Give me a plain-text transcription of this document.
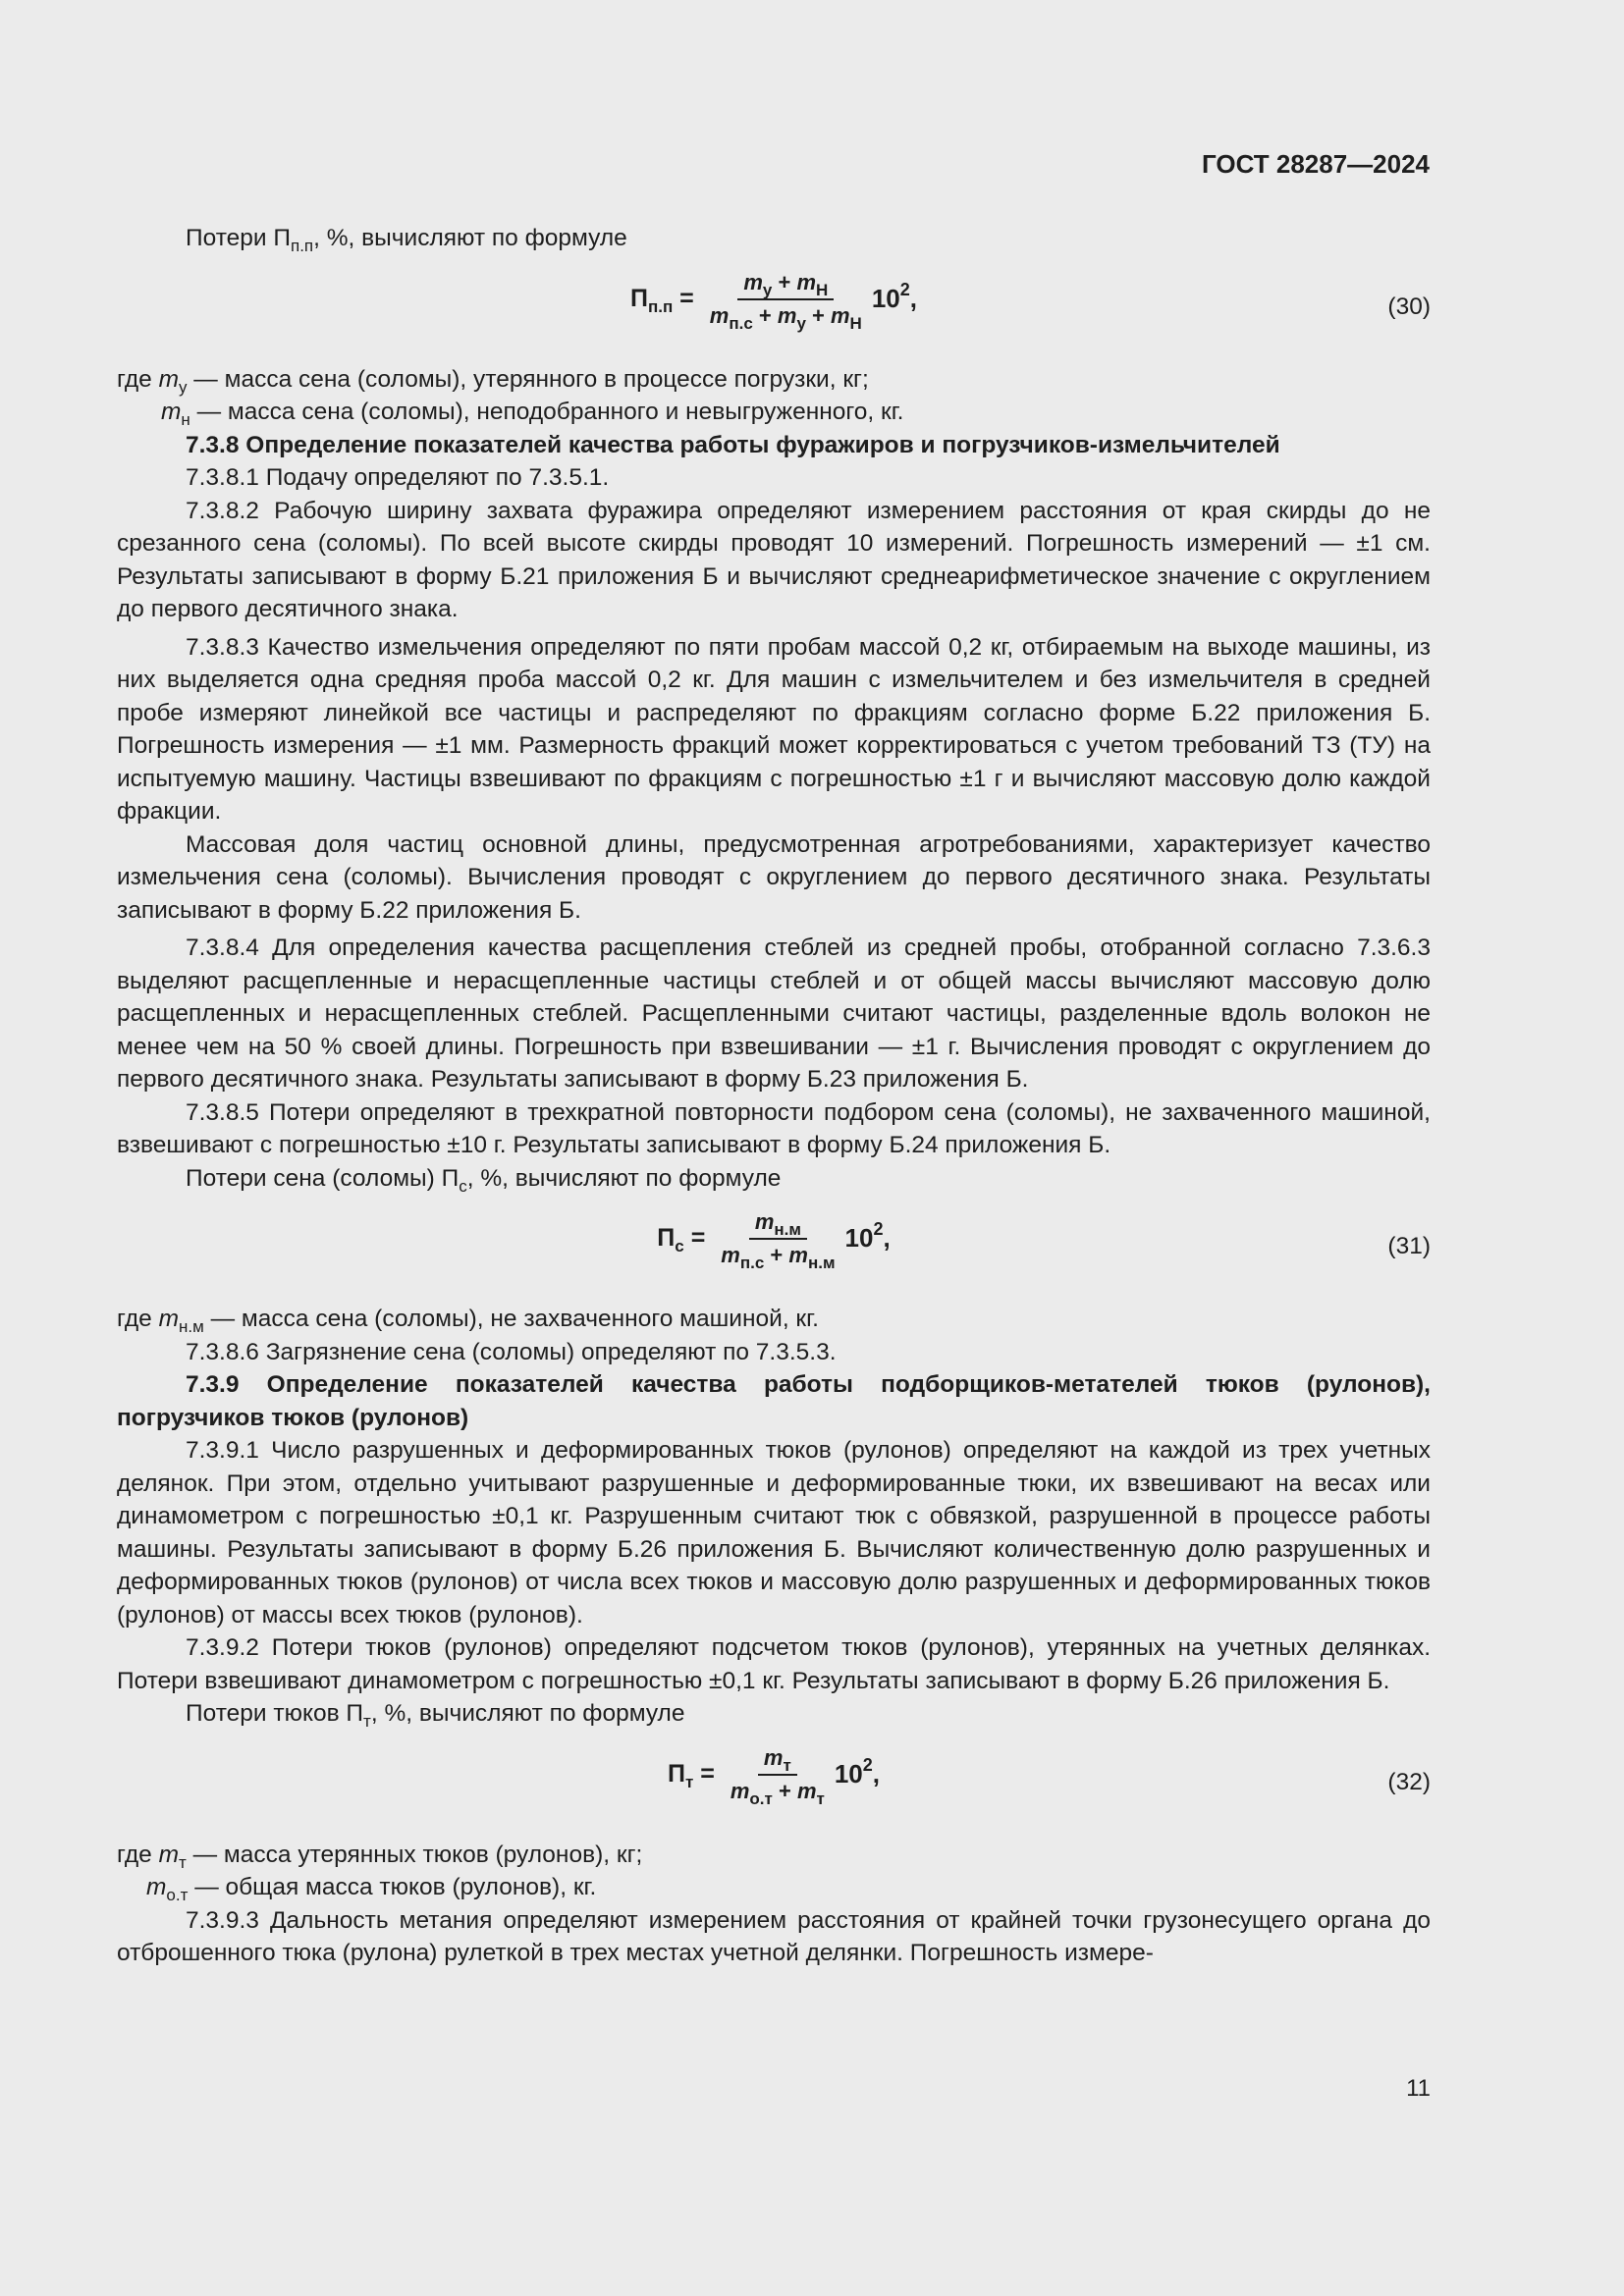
ГОСТ 28287—2024

Потери $П_{п.п}$, %, вычисляют по формуле

$П_{п.п} = \frac{m_у + m_Н}{m_{п.с} + m_у + m_Н} 10^2$,	(30)

где $m_у$ — масса сена (соломы), утерянного в процессе погрузки, кг;

$m_н$ — масса сена (соломы), неподобранного и невыгруженного, кг.

7.3.8 Определение показателей качества работы фуражиров и погрузчиков-измельчителей

7.3.8.1 Подачу определяют по 7.3.5.1.

7.3.8.2 Рабочую ширину захвата фуражира определяют измерением расстояния от края скирды до не срезанного сена (соломы). По всей высоте скирды проводят 10 измерений. Погрешность измерений — ±1 см. Результаты записывают в форму Б.21 приложения Б и вычисляют среднеарифметическое значение с округлением до первого десятичного знака.

7.3.8.3 Качество измельчения определяют по пяти пробам массой 0,2 кг, отбираемым на выходе машины, из них выделяется одна средняя проба массой 0,2 кг. Для машин с измельчителем и без измельчителя в средней пробе измеряют линейкой все частицы и распределяют по фракциям согласно форме Б.22 приложения Б. Погрешность измерения — ±1 мм. Размерность фракций может корректироваться с учетом требований ТЗ (ТУ) на испытуемую машину. Частицы взвешивают по фракциям с погрешностью ±1 г и вычисляют массовую долю каждой фракции.

Массовая доля частиц основной длины, предусмотренная агротребованиями, характеризует качество измельчения сена (соломы). Вычисления проводят с округлением до первого десятичного знака. Результаты записывают в форму Б.22 приложения Б.

7.3.8.4 Для определения качества расщепления стеблей из средней пробы, отобранной согласно 7.3.6.3 выделяют расщепленные и нерасщепленные частицы стеблей и от общей массы вычисляют массовую долю расщепленных и нерасщепленных стеблей. Расщепленными считают частицы, разделенные вдоль волокон не менее чем на 50 % своей длины. Погрешность при взвешивании — ±1 г. Вычисления проводят с округлением до первого десятичного знака. Результаты записывают в форму Б.23 приложения Б.

7.3.8.5 Потери определяют в трехкратной повторности подбором сена (соломы), не захваченного машиной, взвешивают с погрешностью ±10 г. Результаты записывают в форму Б.24 приложения Б.

Потери сена (соломы) $П_с$, %, вычисляют по формуле

$П_с = \frac{m_{н.м}}{m_{п.с} + m_{н.м}} 10^2$,	(31)

где $m_{н.м}$ — масса сена (соломы), не захваченного машиной, кг.

7.3.8.6 Загрязнение сена (соломы) определяют по 7.3.5.3.

7.3.9 Определение показателей качества работы подборщиков-метателей тюков (рулонов), погрузчиков тюков (рулонов)

7.3.9.1 Число разрушенных и деформированных тюков (рулонов) определяют на каждой из трех учетных делянок. При этом, отдельно учитывают разрушенные и деформированные тюки, их взвешивают на весах или динамометром с погрешностью ±0,1 кг. Разрушенным считают тюк с обвязкой, разрушенной в процессе работы машины. Результаты записывают в форму Б.26 приложения Б. Вычисляют количественную долю разрушенных и деформированных тюков (рулонов) от числа всех тюков и массовую долю разрушенных и деформированных тюков (рулонов) от массы всех тюков (рулонов).

7.3.9.2 Потери тюков (рулонов) определяют подсчетом тюков (рулонов), утерянных на учетных делянках. Потери взвешивают динамометром с погрешностью ±0,1 кг. Результаты записывают в форму Б.26 приложения Б.

Потери тюков $П_т$, %, вычисляют по формуле

$П_т = \frac{m_т}{m_{о.т} + m_т} 10^2$,	(32)

где $m_т$ — масса утерянных тюков (рулонов), кг;

$m_{о.т}$ — общая масса тюков (рулонов), кг.

7.3.9.3 Дальность метания определяют измерением расстояния от крайней точки грузонесущего органа до отброшенного тюка (рулона) рулеткой в трех местах учетной делянки. Погрешность измере-

11
